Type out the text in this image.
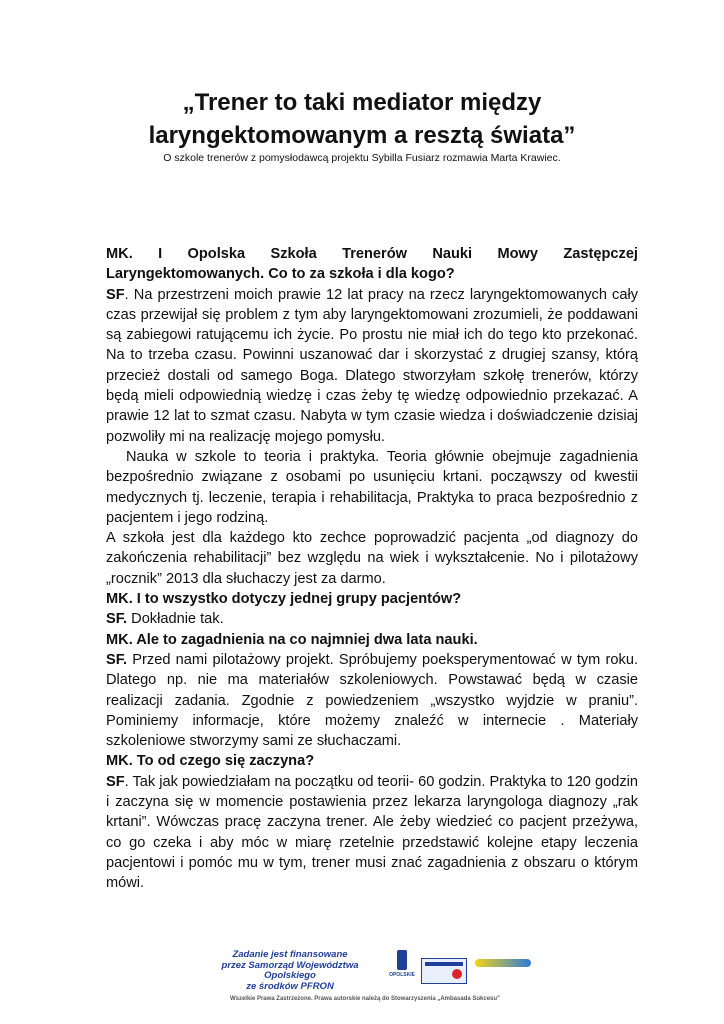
„Trener to taki mediator między
laryngektomowanym a resztą świata”
O szkole trenerów z pomysłodawcą projektu Sybilla Fusiarz rozmawia Marta Krawiec.

MK. I Opolska Szkoła Trenerów Nauki Mowy Zastępczej Laryngektomowanych. Co to za szkoła i dla kogo?

SF. Na przestrzeni moich prawie 12 lat pracy na rzecz laryngektomowanych cały czas przewijał się problem z tym aby laryngektomowani zrozumieli, że poddawani są zabiegowi ratującemu ich życie. Po prostu nie miał ich do tego kto przekonać. Na to trzeba czasu. Powinni uszanować dar i skorzystać z drugiej szansy, którą przecież dostali od samego Boga. Dlatego stworzyłam szkołę trenerów, którzy będą mieli odpowiednią wiedzę i czas żeby tę wiedzę odpowiednio przekazać. A prawie 12 lat to szmat czasu. Nabyta w tym czasie wiedza i doświadczenie dzisiaj pozwoliły mi na realizację mojego pomysłu.

Nauka w szkole to teoria i praktyka. Teoria głównie obejmuje zagadnienia bezpośrednio związane z osobami po usunięciu krtani. począwszy od kwestii medycznych tj. leczenie, terapia i rehabilitacja, Praktyka to praca bezpośrednio z pacjentem i jego rodziną.

A szkoła jest dla każdego kto zechce poprowadzić pacjenta „od diagnozy do zakończenia rehabilitacji” bez względu na wiek i wykształcenie. No i pilotażowy „rocznik” 2013 dla słuchaczy jest za darmo.

MK. I to wszystko dotyczy jednej grupy pacjentów?

SF. Dokładnie tak.

MK. Ale to zagadnienia na co najmniej dwa lata nauki.

SF. Przed nami pilotażowy projekt. Spróbujemy poeksperymentować w tym roku. Dlatego np. nie ma materiałów szkoleniowych. Powstawać będą w czasie realizacji zadania. Zgodnie z powiedzeniem „wszystko wyjdzie w praniu”. Pominiemy informacje, które możemy znaleźć w internecie . Materiały szkoleniowe stworzymy sami ze słuchaczami.

MK. To od czego się zaczyna?

SF. Tak jak powiedziałam na początku od teorii- 60 godzin. Praktyka to 120 godzin i zaczyna się w momencie postawienia przez lekarza laryngologa diagnozy „rak krtani”. Wówczas pracę zaczyna trener. Ale żeby wiedzieć co pacjent przeżywa, co go czeka i aby móc w miarę rzetelnie przedstawić kolejne etapy leczenia pacjentowi i pomóc mu w tym, trener musi znać zagadnienia z obszaru o którym mówi.

Zadanie jest finansowane
przez Samorząd Województwa Opolskiego
ze środków PFRON
OPOLSKIE
Wszelkie Prawa Zastrzeżone. Prawa autorskie należą do Stowarzyszenia „Ambasada Sukcesu”
